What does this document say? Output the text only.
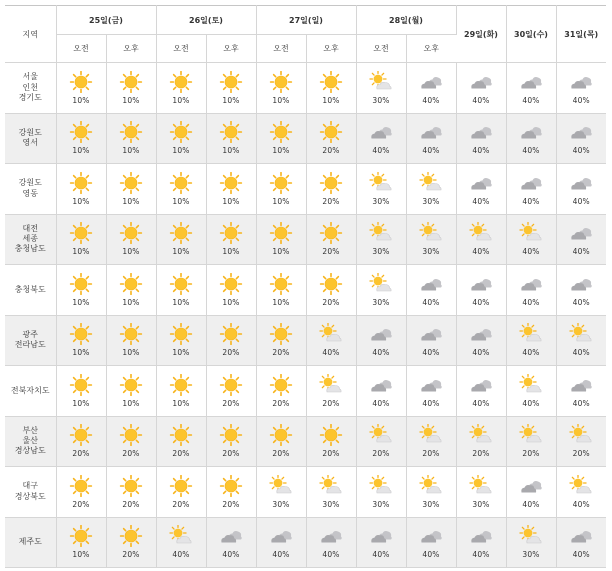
지역	25일(금)		26일(토)		27일(일)		28일(월)		29일(화)	30일(수)	31일(목)
	오전	오후	오전	오후	오전	오후	오전	오후			

서울
인천
경기도	10%	10%	10%	10%	10%	10%	30%	40%	40%	40%	40%

강원도
영서	10%	10%	10%	10%	10%	20%	40%	40%	40%	40%	40%

강원도
영동	10%	10%	10%	10%	10%	20%	30%	30%	40%	40%	40%

대전
세종
충청남도	10%	10%	10%	10%	10%	20%	30%	30%	40%	40%	40%

충청북도	10%	10%	10%	10%	10%	20%	30%	40%	40%	40%	40%

광주
전라남도	10%	10%	10%	20%	20%	40%	40%	40%	40%	40%	40%

전북자치도	10%	10%	10%	20%	20%	20%	40%	40%	40%	40%	40%

부산
울산
경상남도	20%	20%	20%	20%	20%	20%	20%	20%	20%	20%	20%

대구
경상북도	20%	20%	20%	20%	30%	30%	30%	30%	30%	40%	40%

제주도	10%	20%	40%	40%	40%	40%	40%	40%	40%	30%	40%
